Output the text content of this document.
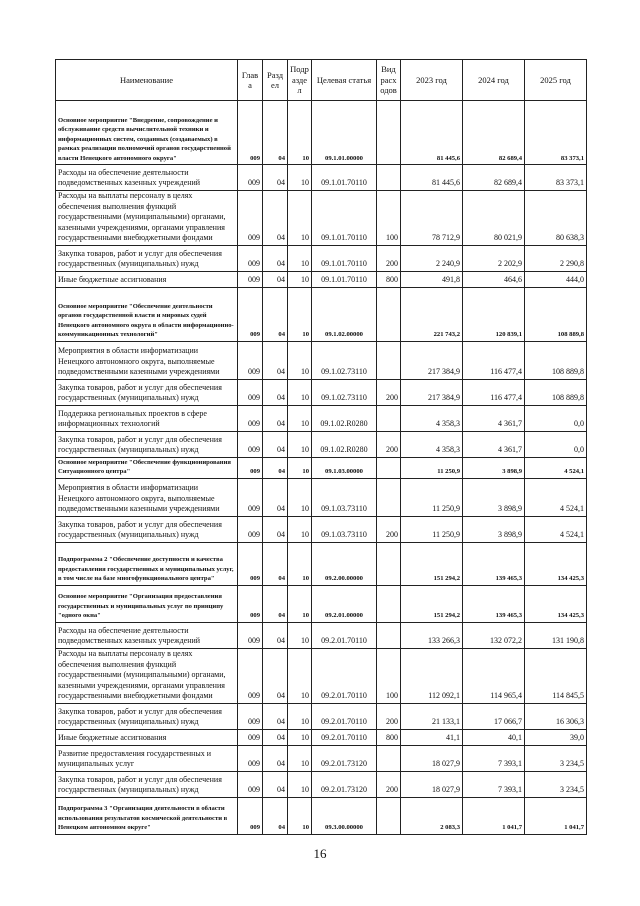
Наименование	Глав а	Разд ел	Подр азде л	Целевая статья	Вид расх одов	2023 год	2024 год	2025 год
Основное мероприятие "Внедрение, сопровождение и обслуживание средств вычислительной техники и информационных систем, созданных (создаваемых) в рамках реализации полномочий органов государственной власти Ненецкого автономного округа"	009	04	10	09.1.01.00000		81 445,6	82 689,4	83 373,1
Расходы на обеспечение деятельности подведомственных казенных учреждений	009	04	10	09.1.01.70110		81 445,6	82 689,4	83 373,1
Расходы на выплаты персоналу в целях обеспечения выполнения функций государственными (муниципальными) органами, казенными учреждениями, органами управления государственными внебюджетными фондами	009	04	10	09.1.01.70110	100	78 712,9	80 021,9	80 638,3
Закупка товаров, работ и услуг для обеспечения государственных (муниципальных) нужд	009	04	10	09.1.01.70110	200	2 240,9	2 202,9	2 290,8
Иные бюджетные ассигнования	009	04	10	09.1.01.70110	800	491,8	464,6	444,0
Основное мероприятие "Обеспечение деятельности органов государственной власти и мировых судей Ненецкого автономного округа в области информационно-коммуникационных технологий"	009	04	10	09.1.02.00000		221 743,2	120 839,1	108 889,8
Мероприятия в области информатизации Ненецкого автономного округа, выполняемые подведомственными казенными учреждениями	009	04	10	09.1.02.73110		217 384,9	116 477,4	108 889,8
Закупка товаров, работ и услуг для обеспечения государственных (муниципальных) нужд	009	04	10	09.1.02.73110	200	217 384,9	116 477,4	108 889,8
Поддержка региональных проектов в сфере информационных технологий	009	04	10	09.1.02.R0280		4 358,3	4 361,7	0,0
Закупка товаров, работ и услуг для обеспечения государственных (муниципальных) нужд	009	04	10	09.1.02.R0280	200	4 358,3	4 361,7	0,0
Основное мероприятие "Обеспечение функционирования Ситуационного центра"	009	04	10	09.1.03.00000		11 250,9	3 898,9	4 524,1
Мероприятия в области информатизации Ненецкого автономного округа, выполняемые подведомственными казенными учреждениями	009	04	10	09.1.03.73110		11 250,9	3 898,9	4 524,1
Закупка товаров, работ и услуг для обеспечения государственных (муниципальных) нужд	009	04	10	09.1.03.73110	200	11 250,9	3 898,9	4 524,1
Подпрограмма 2 "Обеспечение доступности и качества предоставления государственных и муниципальных услуг, в том числе на базе многофункционального центра"	009	04	10	09.2.00.00000		151 294,2	139 465,3	134 425,3
Основное мероприятие "Организация предоставления государственных и муниципальных услуг по принципу "одного окна"	009	04	10	09.2.01.00000		151 294,2	139 465,3	134 425,3
Расходы на обеспечение деятельности подведомственных казенных учреждений	009	04	10	09.2.01.70110		133 266,3	132 072,2	131 190,8
Расходы на выплаты персоналу в целях обеспечения выполнения функций государственными (муниципальными) органами, казенными учреждениями, органами управления государственными внебюджетными фондами	009	04	10	09.2.01.70110	100	112 092,1	114 965,4	114 845,5
Закупка товаров, работ и услуг для обеспечения государственных (муниципальных) нужд	009	04	10	09.2.01.70110	200	21 133,1	17 066,7	16 306,3
Иные бюджетные ассигнования	009	04	10	09.2.01.70110	800	41,1	40,1	39,0
Развитие предоставления государственных и муниципальных услуг	009	04	10	09.2.01.73120		18 027,9	7 393,1	3 234,5
Закупка товаров, работ и услуг для обеспечения государственных (муниципальных) нужд	009	04	10	09.2.01.73120	200	18 027,9	7 393,1	3 234,5
Подпрограмма 3 "Организация деятельности в области использования результатов космической деятельности в Ненецком автономном округе"	009	04	10	09.3.00.00000		2 083,3	1 041,7	1 041,7
16
